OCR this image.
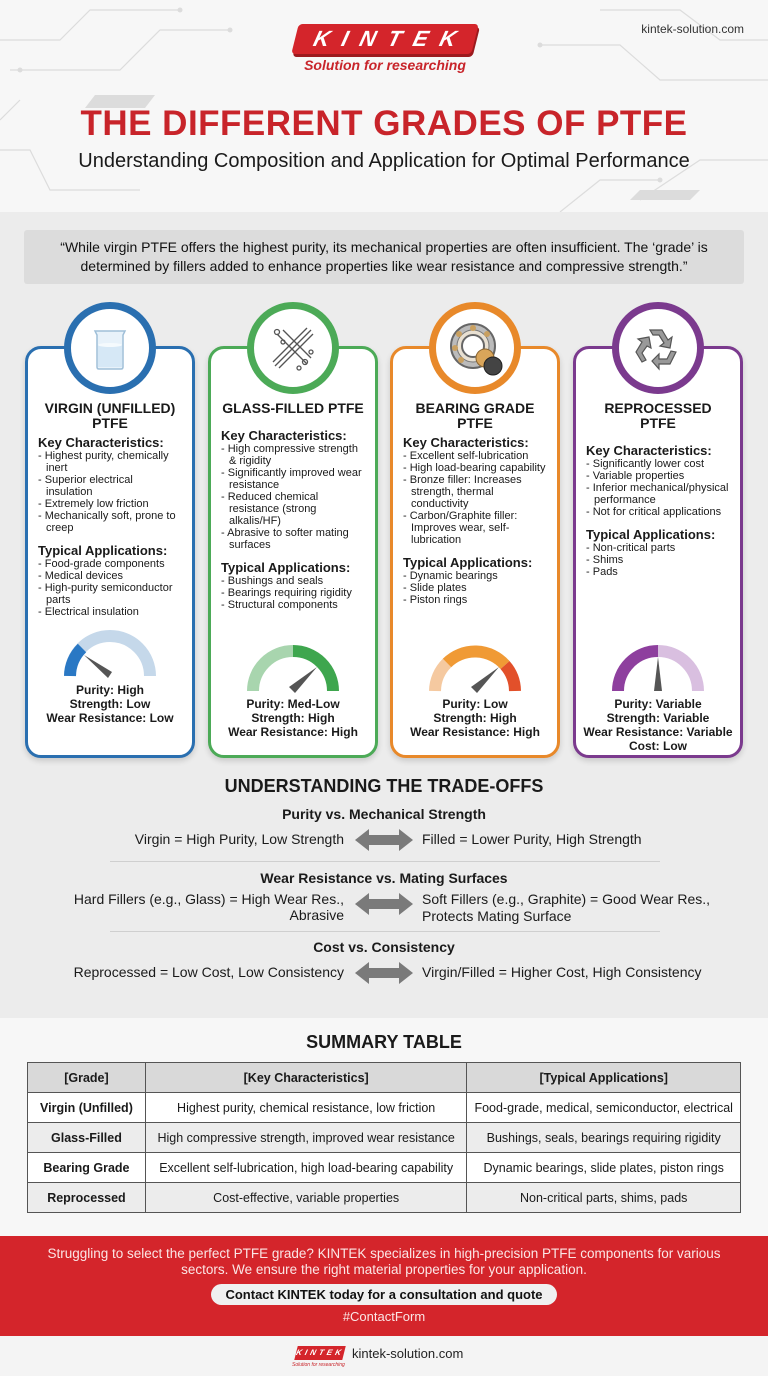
kintek-solution.com
KINTEK
Solution for researching
THE DIFFERENT GRADES OF PTFE
Understanding Composition and Application for Optimal Performance
“While virgin PTFE offers the highest purity, its mechanical properties are often insufficient. The ‘grade’ is determined by fillers added to enhance properties like wear resistance and compressive strength.”
VIRGIN (UNFILLED) PTFE
Key Characteristics:
- Highest purity, chemically inert
- Superior electrical insulation
- Extremely low friction
- Mechanically soft, prone to creep
Typical Applications:
- Food-grade components
- Medical devices
- High-purity semiconductor parts
- Electrical insulation
Purity: High
Strength: Low
Wear Resistance: Low
GLASS-FILLED PTFE
Key Characteristics:
- High compressive strength & rigidity
- Significantly improved wear resistance
- Reduced chemical resistance (strong alkalis/HF)
- Abrasive to softer mating surfaces
Typical Applications:
- Bushings and seals
- Bearings requiring rigidity
- Structural components
Purity: Med-Low
Strength: High
Wear Resistance: High
BEARING GRADE PTFE
Key Characteristics:
- Excellent self-lubrication
- High load-bearing capability
- Bronze filler: Increases strength, thermal conductivity
- Carbon/Graphite filler: Improves wear, self-lubrication
Typical Applications:
- Dynamic bearings
- Slide plates
- Piston rings
Purity: Low
Strength: High
Wear Resistance: High
REPROCESSED PTFE
Key Characteristics:
- Significantly lower cost
- Variable properties
- Inferior mechanical/physical performance
- Not for critical applications
Typical Applications:
- Non-critical parts
- Shims
- Pads
Purity: Variable
Strength: Variable
Wear Resistance: Variable
Cost: Low
UNDERSTANDING THE TRADE-OFFS
Purity vs. Mechanical Strength
Virgin = High Purity, Low Strength	Filled = Lower Purity, High Strength
Wear Resistance vs. Mating Surfaces
Hard Fillers (e.g., Glass) = High Wear Res., Abrasive
Soft Fillers (e.g., Graphite) = Good Wear Res., Protects Mating Surface
Cost vs. Consistency
Reprocessed = Low Cost, Low Consistency	Virgin/Filled = Higher Cost, High Consistency
SUMMARY TABLE
[Grade]	[Key Characteristics]	[Typical Applications]
Virgin (Unfilled)	Highest purity, chemical resistance, low friction	Food-grade, medical, semiconductor, electrical
Glass-Filled	High compressive strength, improved wear resistance	Bushings, seals, bearings requiring rigidity
Bearing Grade	Excellent self-lubrication, high load-bearing capability	Dynamic bearings, slide plates, piston rings
Reprocessed	Cost-effective, variable properties	Non-critical parts, shims, pads
Struggling to select the perfect PTFE grade? KINTEK specializes in high-precision PTFE components for various sectors. We ensure the right material properties for your application.
Contact KINTEK today for a consultation and quote
#ContactForm
KINTEK
Solution for researching
kintek-solution.com
